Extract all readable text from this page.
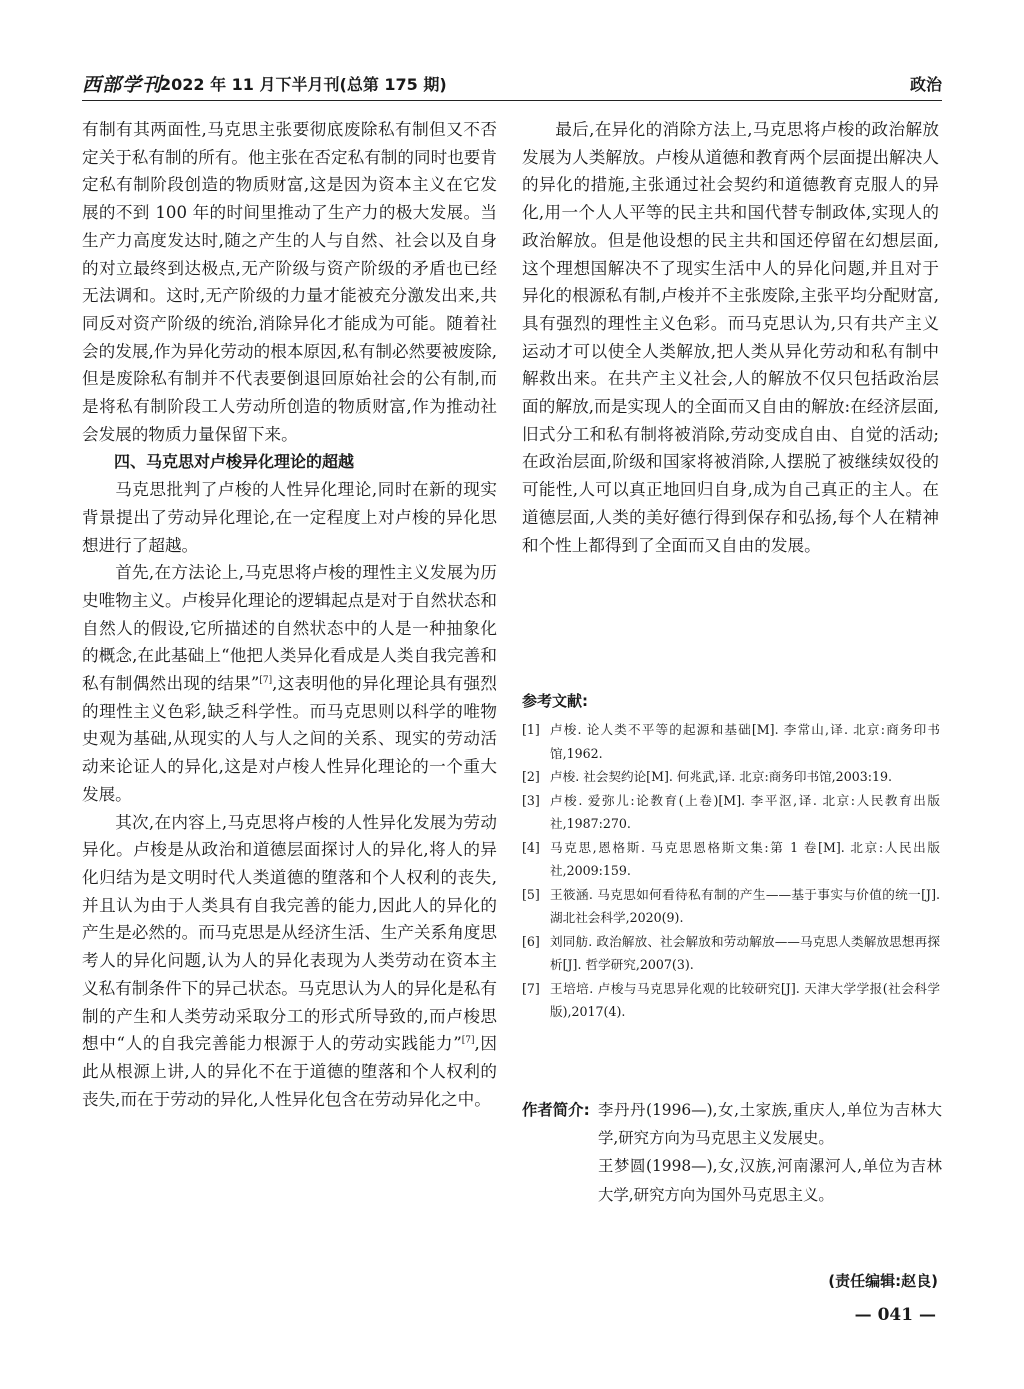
西部学刊
2022 年 11 月下半月刊(总第 175 期)	政治

有制有其两面性,马克思主张要彻底废除私有制但又不否定关于私有制的所有。他主张在否定私有制的同时也要肯定私有制阶段创造的物质财富,这是因为资本主义在它发展的不到 100 年的时间里推动了生产力的极大发展。当生产力高度发达时,随之产生的人与自然、社会以及自身的对立最终到达极点,无产阶级与资产阶级的矛盾也已经无法调和。这时,无产阶级的力量才能被充分激发出来,共同反对资产阶级的统治,消除异化才能成为可能。随着社会的发展,作为异化劳动的根本原因,私有制必然要被废除,但是废除私有制并不代表要倒退回原始社会的公有制,而是将私有制阶段工人劳动所创造的物质财富,作为推动社会发展的物质力量保留下来。

四、马克思对卢梭异化理论的超越

马克思批判了卢梭的人性异化理论,同时在新的现实背景提出了劳动异化理论,在一定程度上对卢梭的异化思想进行了超越。

首先,在方法论上,马克思将卢梭的理性主义发展为历史唯物主义。卢梭异化理论的逻辑起点是对于自然状态和自然人的假设,它所描述的自然状态中的人是一种抽象化的概念,在此基础上“他把人类异化看成是人类自我完善和私有制偶然出现的结果”[7],这表明他的异化理论具有强烈的理性主义色彩,缺乏科学性。而马克思则以科学的唯物史观为基础,从现实的人与人之间的关系、现实的劳动活动来论证人的异化,这是对卢梭人性异化理论的一个重大发展。

其次,在内容上,马克思将卢梭的人性异化发展为劳动异化。卢梭是从政治和道德层面探讨人的异化,将人的异化归结为是文明时代人类道德的堕落和个人权利的丧失,并且认为由于人类具有自我完善的能力,因此人的异化的产生是必然的。而马克思是从经济生活、生产关系角度思考人的异化问题,认为人的异化表现为人类劳动在资本主义私有制条件下的异己状态。马克思认为人的异化是私有制的产生和人类劳动采取分工的形式所导致的,而卢梭思想中“人的自我完善能力根源于人的劳动实践能力”[7],因此从根源上讲,人的异化不在于道德的堕落和个人权利的丧失,而在于劳动的异化,人性异化包含在劳动异化之中。

最后,在异化的消除方法上,马克思将卢梭的政治解放发展为人类解放。卢梭从道德和教育两个层面提出解决人的异化的措施,主张通过社会契约和道德教育克服人的异化,用一个人人平等的民主共和国代替专制政体,实现人的政治解放。但是他设想的民主共和国还停留在幻想层面,这个理想国解决不了现实生活中人的异化问题,并且对于异化的根源私有制,卢梭并不主张废除,主张平均分配财富,具有强烈的理性主义色彩。而马克思认为,只有共产主义运动才可以使全人类解放,把人类从异化劳动和私有制中解救出来。在共产主义社会,人的解放不仅只包括政治层面的解放,而是实现人的全面而又自由的解放:在经济层面,旧式分工和私有制将被消除,劳动变成自由、自觉的活动;在政治层面,阶级和国家将被消除,人摆脱了被继续奴役的可能性,人可以真正地回归自身,成为自己真正的主人。在道德层面,人类的美好德行得到保存和弘扬,每个人在精神和个性上都得到了全面而又自由的发展。

参考文献:
[1] 卢梭. 论人类不平等的起源和基础[M]. 李常山,译. 北京:商务印书馆,1962.
[2] 卢梭. 社会契约论[M]. 何兆武,译. 北京:商务印书馆,2003:19.
[3] 卢梭. 爱弥儿:论教育(上卷)[M]. 李平沤,译. 北京:人民教育出版社,1987:270.
[4] 马克思,恩格斯. 马克思恩格斯文集:第 1 卷[M]. 北京:人民出版社,2009:159.
[5] 王筱涵. 马克思如何看待私有制的产生——基于事实与价值的统一[J]. 湖北社会科学,2020(9).
[6] 刘同舫. 政治解放、社会解放和劳动解放——马克思人类解放思想再探析[J]. 哲学研究,2007(3).
[7] 王培培. 卢梭与马克思异化观的比较研究[J]. 天津大学学报(社会科学版),2017(4).
作者简介: 李丹丹(1996—),女,土家族,重庆人,单位为吉林大学,研究方向为马克思主义发展史。

王梦圆(1998—),女,汉族,河南漯河人,单位为吉林大学,研究方向为国外马克思主义。

(责任编辑:赵良)
— 041 —
